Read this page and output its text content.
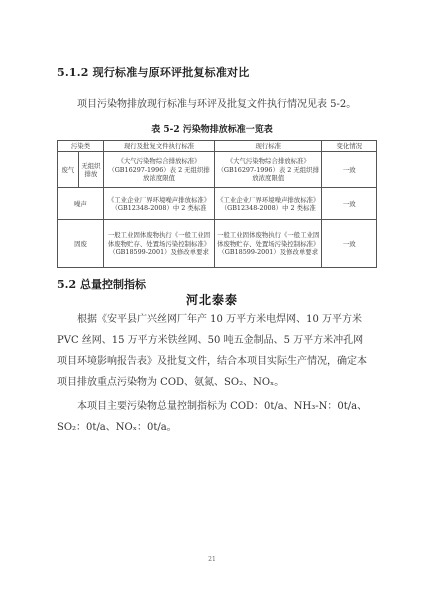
5.1.2 现行标准与原环评批复标准对比
项目污染物排放现行标准与环评及批复文件执行情况见表 5-2。
表 5-2 污染物排放标准一览表
污染类		现行及批复文件执行标准	现行标准	变化情况
废气	无组织排放	《大气污染物综合排放标准》（GB16297-1996）表 2 无组织排放浓度限值	《大气污染物综合排放标准》（GB16297-1996）表 2 无组织排放浓度限值	一致
噪声		《工业企业厂界环境噪声排放标准》（GB12348-2008）中 2 类标准	《工业企业厂界环境噪声排放标准》（GB12348-2008）中 2 类标准	一致
固废		一般工业固体废物执行《一般工业固体废物贮存、处置场污染控制标准》（GB18599-2001）及修改单要求	一般工业固体废物执行《一般工业固体废物贮存、处置场污染控制标准》（GB18599-2001）及修改单要求	一致
5.2 总量控制指标
河北泰泰
根据《安平县广兴丝网厂年产 10 万平方米电焊网、10 万平方米 PVC 丝网、15 万平方米铁丝网、50 吨五金制品、5 万平方米冲孔网项目环境影响报告表》及批复文件，结合本项目实际生产情况，确定本项目排放重点污染物为 COD、氨氮、SO₂、NOₓ。
本项目主要污染物总量控制指标为 COD：0t/a、NH₃-N：0t/a、SO₂：0t/a、NOₓ：0t/a。
21
